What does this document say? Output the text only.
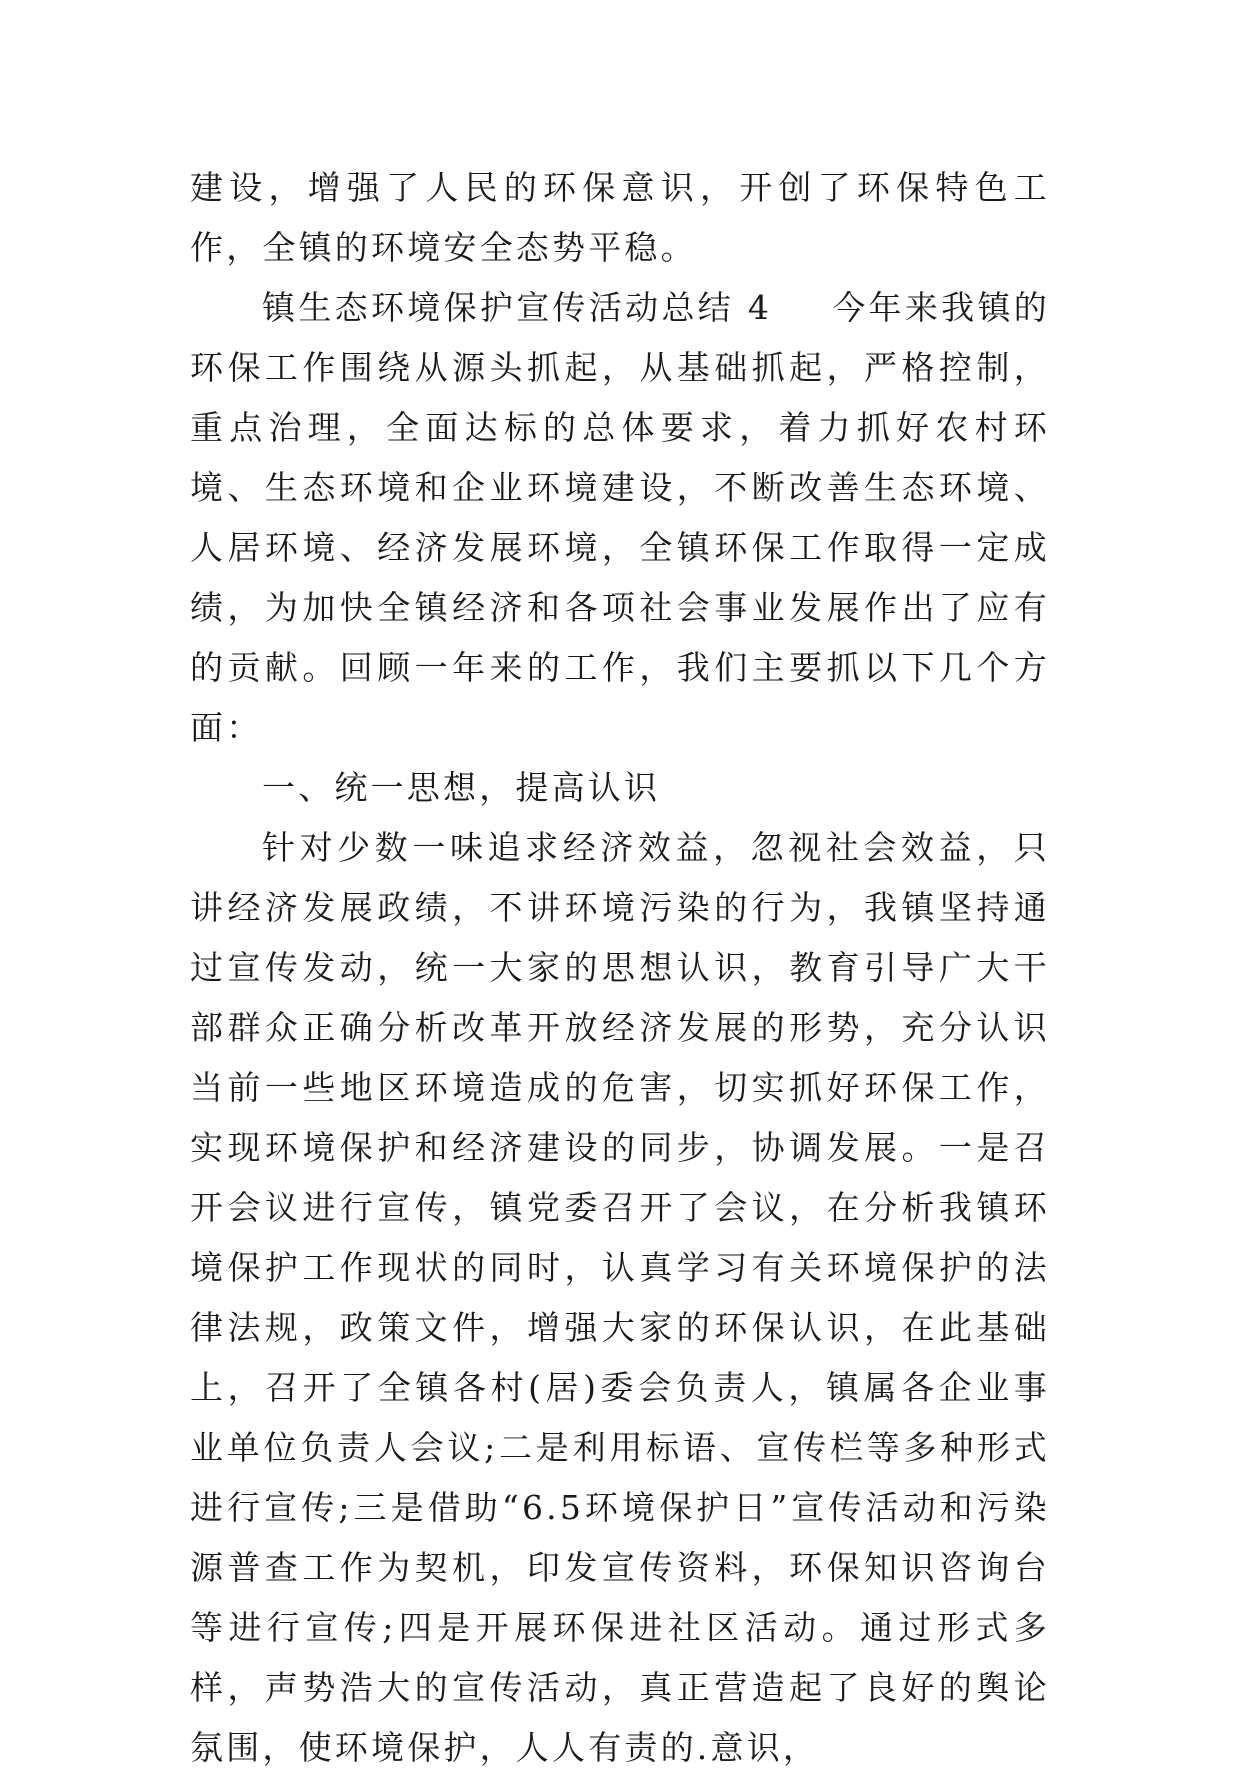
建设，增强了人民的环保意识，开创了环保特色工作，全镇的环境安全态势平稳。

镇生态环境保护宣传活动总结 4 今年来我镇的环保工作围绕从源头抓起，从基础抓起，严格控制，重点治理，全面达标的总体要求，着力抓好农村环境、生态环境和企业环境建设，不断改善生态环境、人居环境、经济发展环境，全镇环保工作取得一定成绩，为加快全镇经济和各项社会事业发展作出了应有的贡献。回顾一年来的工作，我们主要抓以下几个方面：

一、统一思想，提高认识

针对少数一味追求经济效益，忽视社会效益，只讲经济发展政绩，不讲环境污染的行为，我镇坚持通过宣传发动，统一大家的思想认识，教育引导广大干部群众正确分析改革开放经济发展的形势，充分认识当前一些地区环境造成的危害，切实抓好环保工作，实现环境保护和经济建设的同步，协调发展。一是召开会议进行宣传，镇党委召开了会议，在分析我镇环境保护工作现状的同时，认真学习有关环境保护的法律法规，政策文件，增强大家的环保认识，在此基础上，召开了全镇各村(居)委会负责人，镇属各企业事业单位负责人会议;二是利用标语、宣传栏等多种形式进行宣传;三是借助“6.5环境保护日”宣传活动和污染源普查工作为契机，印发宣传资料，环保知识咨询台等进行宣传;四是开展环保进社区活动。通过形式多样，声势浩大的宣传活动，真正营造起了良好的舆论氛围，使环境保护，人人有责的.意识，
